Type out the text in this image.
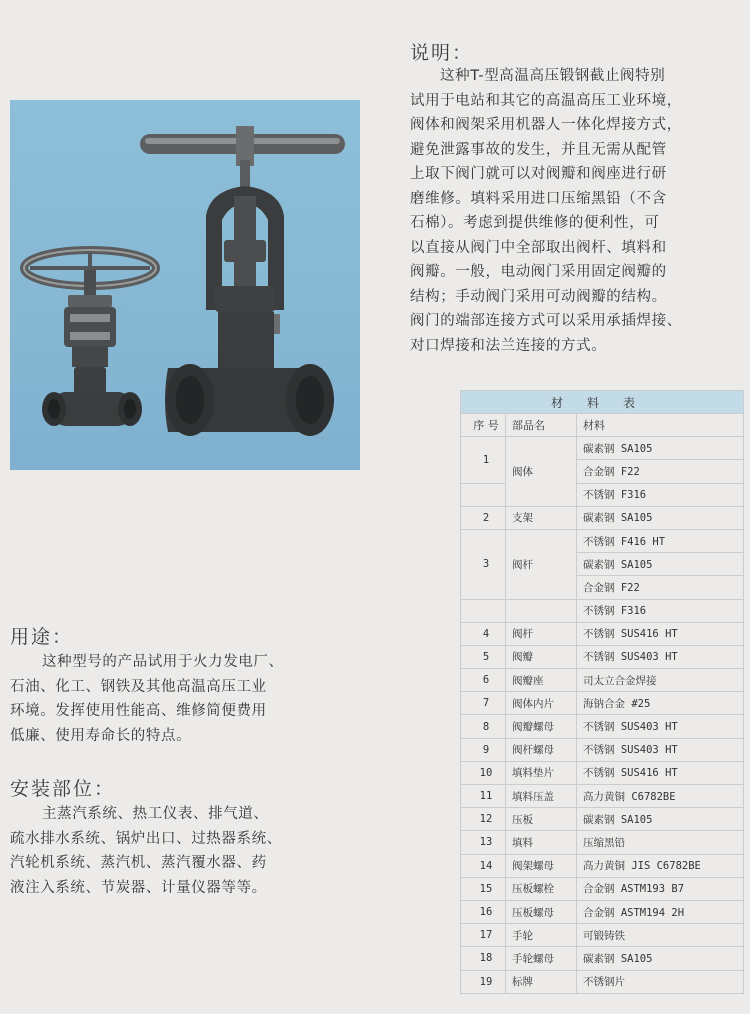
说明：

这种T-型高温高压锻钢截止阀特别

试用于电站和其它的高温高压工业环境，

阀体和阀架采用机器人一体化焊接方式，

避免泄露事故的发生，并且无需从配管

上取下阀门就可以对阀瓣和阀座进行研

磨维修。填料采用进口压缩黑铅（不含

石棉）。考虑到提供维修的便利性，可

以直接从阀门中全部取出阀杆、填料和

阀瓣。一般，电动阀门采用固定阀瓣的

结构；手动阀门采用可动阀瓣的结构。

阀门的端部连接方式可以采用承插焊接、

对口焊接和法兰连接的方式。

用途：

这种型号的产品试用于火力发电厂、

石油、化工、钢铁及其他高温高压工业

环境。发挥使用性能高、维修简便费用

低廉、使用寿命长的特点。

安装部位：

主蒸汽系统、热工仪表、排气道、

疏水排水系统、锅炉出口、过热器系统、

汽轮机系统、蒸汽机、蒸汽覆水器、药

液注入系统、节炭器、计量仪器等等。

材料表		
序 号	部品名	材料
1	阀体	碳素钢 SA105
		合金钢 F22
		不锈钢 F316
2	支架	碳素钢 SA105
3	阀杆	不锈钢 F416 HT
		碳素钢 SA105
		合金钢 F22
		不锈钢 F316
4	阀杆	不锈钢 SUS416 HT
5	阀瓣	不锈钢 SUS403 HT
6	阀瓣座	司太立合金焊接
7	阀体内片	海钠合金 #25
8	阀瓣螺母	不锈钢 SUS403 HT
9	阀杆螺母	不锈钢 SUS403 HT
10	填料垫片	不锈钢 SUS416 HT
11	填料压盖	高力黄铜 C6782BE
12	压板	碳素钢 SA105
13	填料	压缩黑铅
14	阀架螺母	高力黄铜 JIS C6782BE
15	压板螺栓	合金钢 ASTM193 B7
16	压板螺母	合金钢 ASTM194 2H
17	手轮	可锻铸铁
18	手轮螺母	碳素钢 SA105
19	标牌	不锈钢片
